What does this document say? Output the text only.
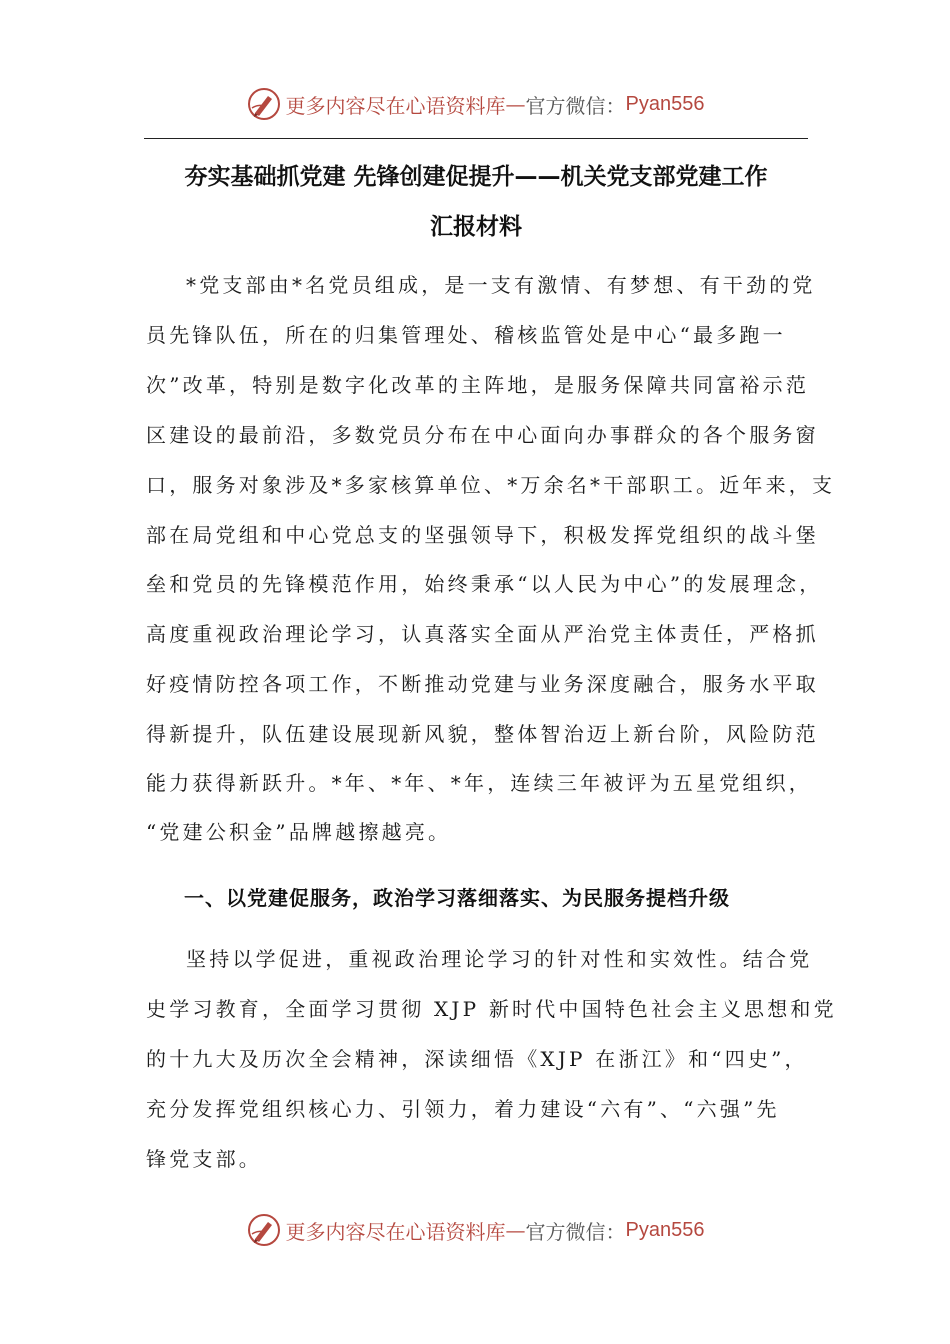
更多内容尽在心语资料库 — 官方微信： Pyan556
夯实基础抓党建 先锋创建促提升——机关党支部党建工作
汇报材料
*党支部由*名党员组成，是一支有激情、有梦想、有干劲的党
员先锋队伍，所在的归集管理处、稽核监管处是中心“最多跑一
次”改革，特别是数字化改革的主阵地，是服务保障共同富裕示范
区建设的最前沿，多数党员分布在中心面向办事群众的各个服务窗
口，服务对象涉及*多家核算单位、*万余名*干部职工。近年来，支
部在局党组和中心党总支的坚强领导下，积极发挥党组织的战斗堡
垒和党员的先锋模范作用，始终秉承“以人民为中心”的发展理念，
高度重视政治理论学习，认真落实全面从严治党主体责任，严格抓
好疫情防控各项工作，不断推动党建与业务深度融合，服务水平取
得新提升，队伍建设展现新风貌，整体智治迈上新台阶，风险防范
能力获得新跃升。*年、*年、*年，连续三年被评为五星党组织，
“党建公积金”品牌越擦越亮。
一、以党建促服务，政治学习落细落实、为民服务提档升级
坚持以学促进，重视政治理论学习的针对性和实效性。结合党
史学习教育，全面学习贯彻 XJP 新时代中国特色社会主义思想和党
的十九大及历次全会精神，深读细悟《XJP 在浙江》和“四史”，
充分发挥党组织核心力、引领力，着力建设“六有”、“六强”先
锋党支部。
更多内容尽在心语资料库 — 官方微信： Pyan556
